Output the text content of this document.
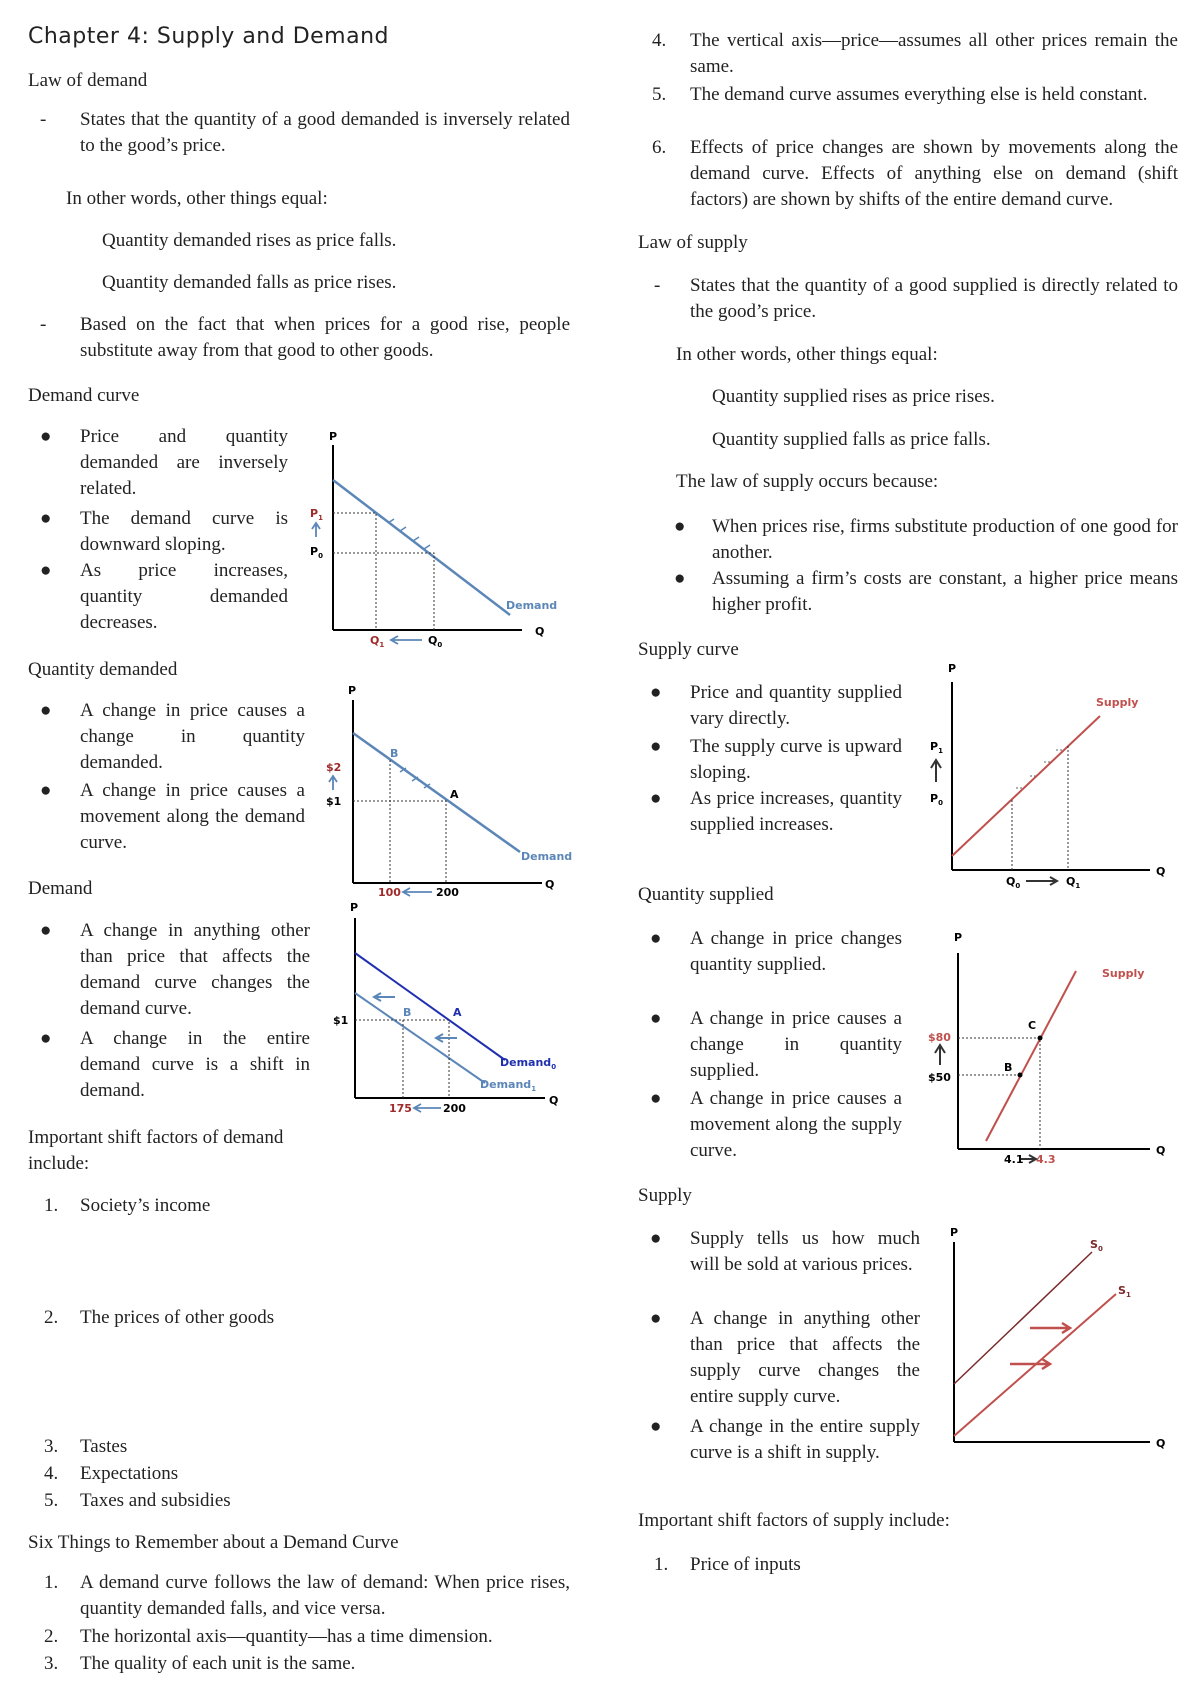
Chapter 4: Supply and Demand
Law of demand
- States that the quantity of a good demanded is inversely related to the good’s price.
In other words, other things equal:
Quantity demanded rises as price falls.
Quantity demanded falls as price rises.
- Based on the fact that when prices for a good rise, people substitute away from that good to other goods.
Demand curve
● Price and quantity demanded are inversely related.
● The demand curve is downward sloping.
● As price increases, quantity demanded decreases.
Quantity demanded
● A change in price causes a change in quantity demanded.
● A change in price causes a movement along the demand curve.
Demand
● A change in anything other than price that affects the demand curve changes the demand curve.
● A change in the entire demand curve is a shift in demand.
Important shift factors of demand include:
1. Society’s income
2. The prices of other goods
3. Tastes
4. Expectations
5. Taxes and subsidies
Six Things to Remember about a Demand Curve
1. A demand curve follows the law of demand: When price rises, quantity demanded falls, and vice versa.
2. The horizontal axis—quantity—has a time dimension.
3. The quality of each unit is the same.
4. The vertical axis—price—assumes all other prices remain the same.
5. The demand curve assumes everything else is held constant.
6. Effects of price changes are shown by movements along the demand curve. Effects of anything else on demand (shift factors) are shown by shifts of the entire demand curve.
Law of supply
- States that the quantity of a good supplied is directly related to the good’s price.
In other words, other things equal:
Quantity supplied rises as price rises.
Quantity supplied falls as price falls.
The law of supply occurs because:
● When prices rise, firms substitute production of one good for another.
● Assuming a firm’s costs are constant, a higher price means higher profit.
Supply curve
● Price and quantity supplied vary directly.
● The supply curve is upward sloping.
● As price increases, quantity supplied increases.
Quantity supplied
● A change in price changes quantity supplied.
● A change in price causes a change in quantity supplied.
● A change in price causes a movement along the supply curve.
Supply
● Supply tells us how much will be sold at various prices.
● A change in anything other than price that affects the supply curve changes the entire supply curve.
● A change in the entire supply curve is a shift in supply.
Important shift factors of supply include:
1. Price of inputs
P
Q
$P_1$
$P_0$
Demand
$Q_1$	$Q_0$
P
Q
B
A
$2
$1
Demand
100	200
P
Q
A
B
$1
Demand$_0$
Demand$_1$
175	200
P
Q
Supply
$P_1$
$P_0$
$Q_0$	$Q_1$
P
Q
C
B
Supply
$80
$50
4.1 4.3
P
Q
$S_0$
$S_1$
